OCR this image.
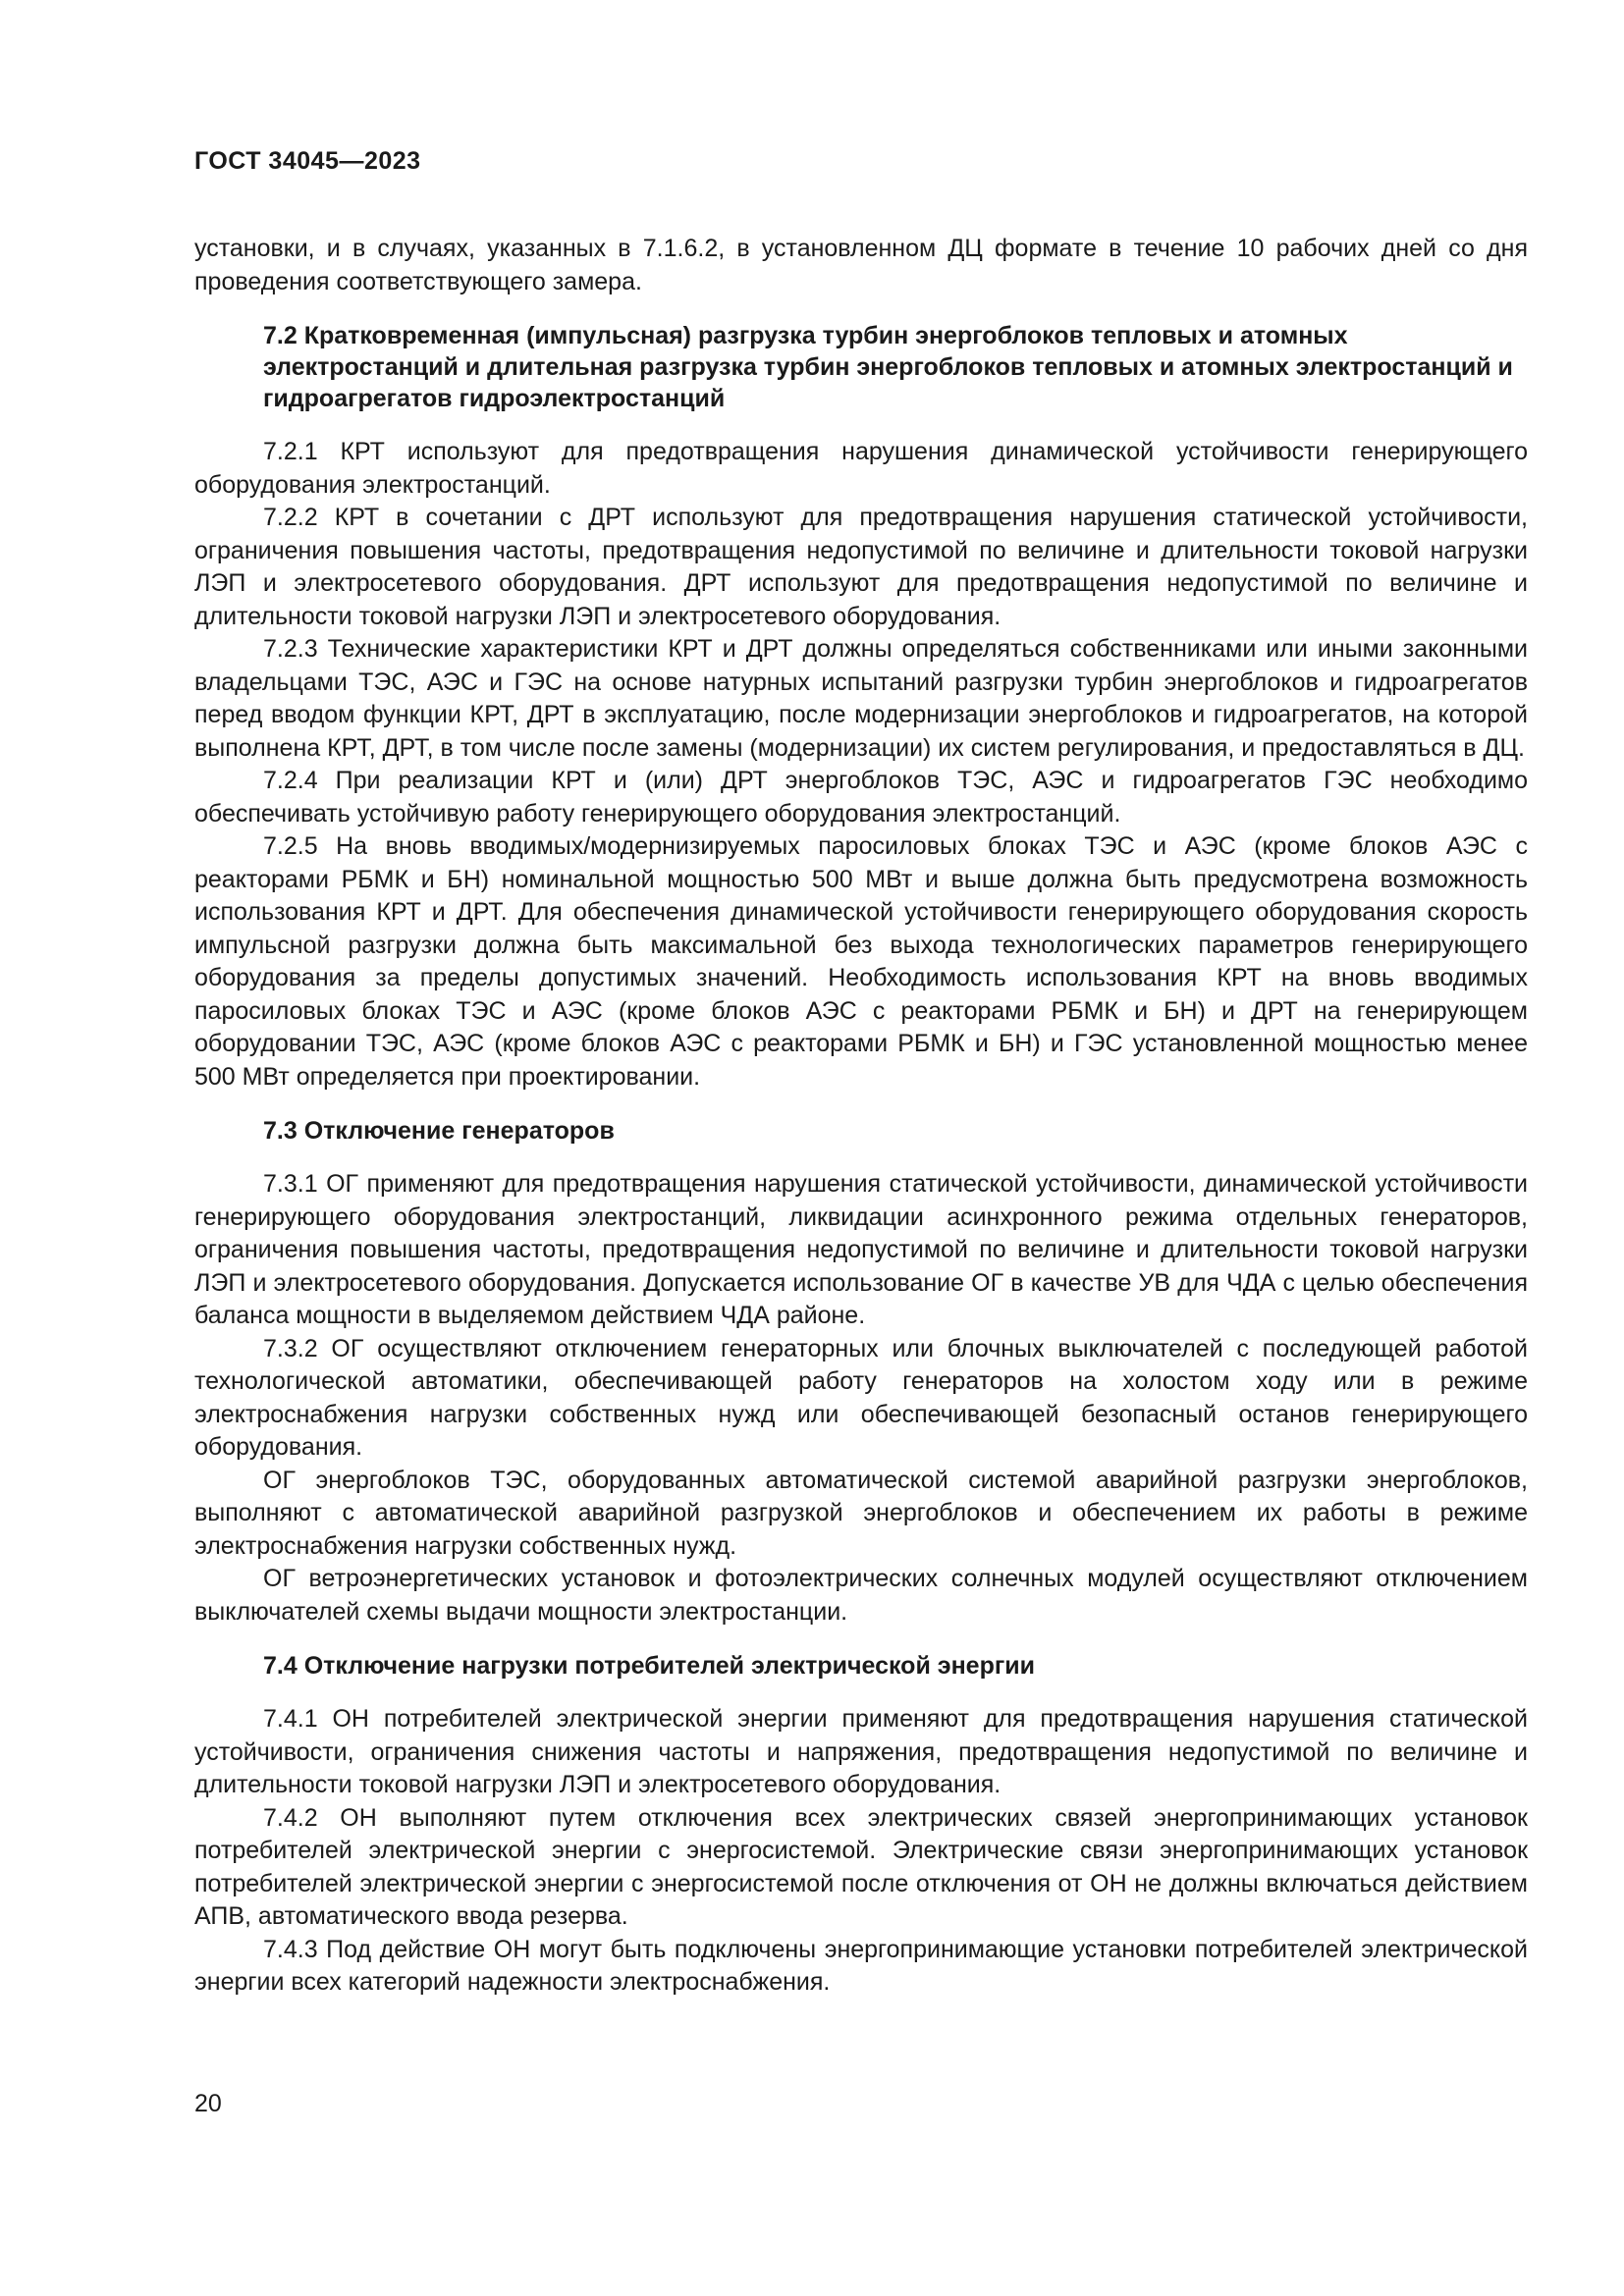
ГОСТ 34045—2023

установки, и в случаях, указанных в 7.1.6.2, в установленном ДЦ формате в течение 10 рабочих дней со дня проведения соответствующего замера.

7.2 Кратковременная (импульсная) разгрузка турбин энергоблоков тепловых и атомных электростанций и длительная разгрузка турбин энергоблоков тепловых и атомных электростанций и гидроагрегатов гидроэлектростанций

7.2.1 КРТ используют для предотвращения нарушения динамической устойчивости генерирующего оборудования электростанций.

7.2.2 КРТ в сочетании с ДРТ используют для предотвращения нарушения статической устойчивости, ограничения повышения частоты, предотвращения недопустимой по величине и длительности токовой нагрузки ЛЭП и электросетевого оборудования. ДРТ используют для предотвращения недопустимой по величине и длительности токовой нагрузки ЛЭП и электросетевого оборудования.

7.2.3 Технические характеристики КРТ и ДРТ должны определяться собственниками или иными законными владельцами ТЭС, АЭС и ГЭС на основе натурных испытаний разгрузки турбин энергоблоков и гидроагрегатов перед вводом функции КРТ, ДРТ в эксплуатацию, после модернизации энергоблоков и гидроагрегатов, на которой выполнена КРТ, ДРТ, в том числе после замены (модернизации) их систем регулирования, и предоставляться в ДЦ.

7.2.4 При реализации КРТ и (или) ДРТ энергоблоков ТЭС, АЭС и гидроагрегатов ГЭС необходимо обеспечивать устойчивую работу генерирующего оборудования электростанций.

7.2.5 На вновь вводимых/модернизируемых паросиловых блоках ТЭС и АЭС (кроме блоков АЭС с реакторами РБМК и БН) номинальной мощностью 500 МВт и выше должна быть предусмотрена возможность использования КРТ и ДРТ. Для обеспечения динамической устойчивости генерирующего оборудования скорость импульсной разгрузки должна быть максимальной без выхода технологических параметров генерирующего оборудования за пределы допустимых значений. Необходимость использования КРТ на вновь вводимых паросиловых блоках ТЭС и АЭС (кроме блоков АЭС с реакторами РБМК и БН) и ДРТ на генерирующем оборудовании ТЭС, АЭС (кроме блоков АЭС с реакторами РБМК и БН) и ГЭС установленной мощностью менее 500 МВт определяется при проектировании.

7.3 Отключение генераторов

7.3.1 ОГ применяют для предотвращения нарушения статической устойчивости, динамической устойчивости генерирующего оборудования электростанций, ликвидации асинхронного режима отдельных генераторов, ограничения повышения частоты, предотвращения недопустимой по величине и длительности токовой нагрузки ЛЭП и электросетевого оборудования. Допускается использование ОГ в качестве УВ для ЧДА с целью обеспечения баланса мощности в выделяемом действием ЧДА районе.

7.3.2 ОГ осуществляют отключением генераторных или блочных выключателей с последующей работой технологической автоматики, обеспечивающей работу генераторов на холостом ходу или в режиме электроснабжения нагрузки собственных нужд или обеспечивающей безопасный останов генерирующего оборудования.

ОГ энергоблоков ТЭС, оборудованных автоматической системой аварийной разгрузки энергоблоков, выполняют с автоматической аварийной разгрузкой энергоблоков и обеспечением их работы в режиме электроснабжения нагрузки собственных нужд.

ОГ ветроэнергетических установок и фотоэлектрических солнечных модулей осуществляют отключением выключателей схемы выдачи мощности электростанции.

7.4 Отключение нагрузки потребителей электрической энергии

7.4.1 ОН потребителей электрической энергии применяют для предотвращения нарушения статической устойчивости, ограничения снижения частоты и напряжения, предотвращения недопустимой по величине и длительности токовой нагрузки ЛЭП и электросетевого оборудования.

7.4.2 ОН выполняют путем отключения всех электрических связей энергопринимающих установок потребителей электрической энергии с энергосистемой. Электрические связи энергопринимающих установок потребителей электрической энергии с энергосистемой после отключения от ОН не должны включаться действием АПВ, автоматического ввода резерва.

7.4.3 Под действие ОН могут быть подключены энергопринимающие установки потребителей электрической энергии всех категорий надежности электроснабжения.

20
